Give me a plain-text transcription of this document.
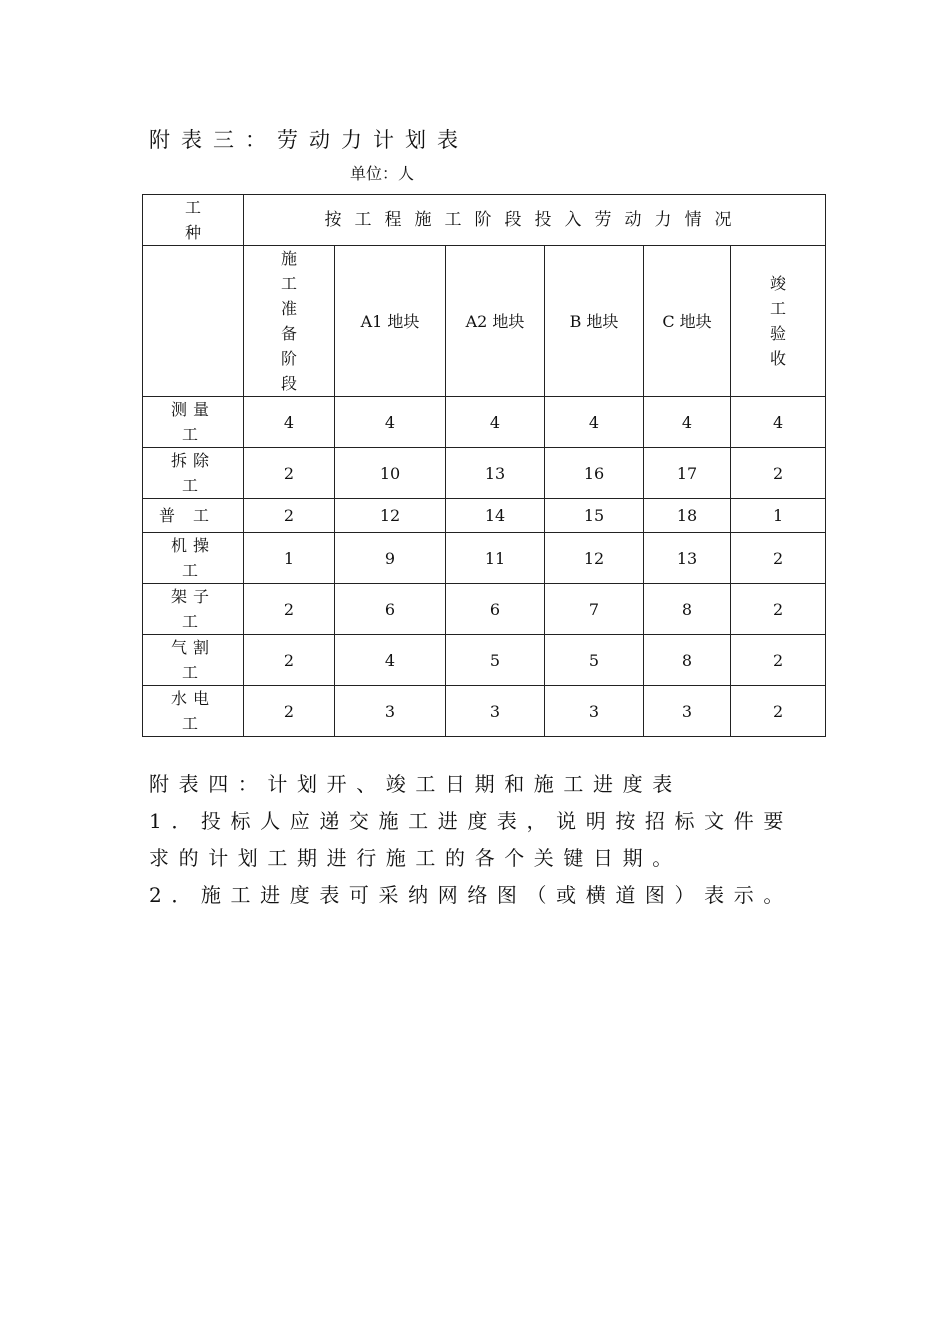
附表三：劳动力计划表
单位：人
工种	按工程施工阶段投入劳动力情况					
	施工准备阶段	A1 地块	A2 地块	B 地块	C 地块	竣工验收
测量工	4	4	4	4	4	4
拆除工	2	10	13	16	17	2
普工	2	12	14	15	18	1
机操工	1	9	11	12	13	2
架子工	2	6	6	7	8	2
气割工	2	4	5	5	8	2
水电工	2	3	3	3	3	2

附表四：计划开、竣工日期和施工进度表

1．投标人应递交施工进度表，说明按招标文件要求的计划工期进行施工的各个关键日期。

2．施工进度表可采纳网络图（或横道图）表示。
